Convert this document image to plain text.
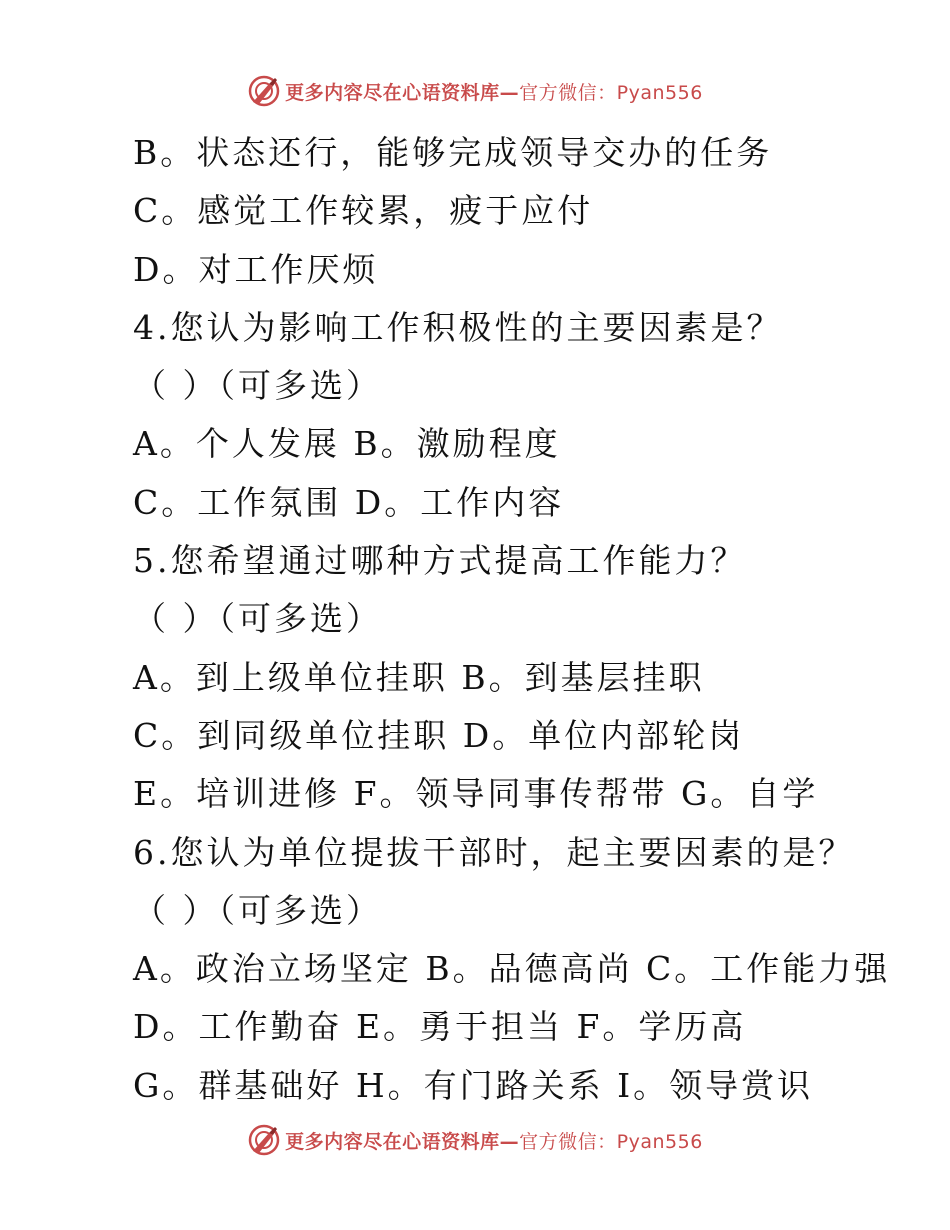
更多内容尽在心语资料库—官方微信：Pyan556
B。状态还行，能够完成领导交办的任务
C。感觉工作较累，疲于应付
D。对工作厌烦
4.您认为影响工作积极性的主要因素是？
（ ）（可多选）
A。个人发展 B。激励程度
C。工作氛围 D。工作内容
5.您希望通过哪种方式提高工作能力？
（ ）（可多选）
A。到上级单位挂职 B。到基层挂职
C。到同级单位挂职 D。单位内部轮岗
E。培训进修 F。领导同事传帮带 G。自学
6.您认为单位提拔干部时，起主要因素的是？
（ ）（可多选）
A。政治立场坚定 B。品德高尚 C。工作能力强
D。工作勤奋 E。勇于担当 F。学历高
G。群基础好 H。有门路关系 I。领导赏识
更多内容尽在心语资料库—官方微信：Pyan556
